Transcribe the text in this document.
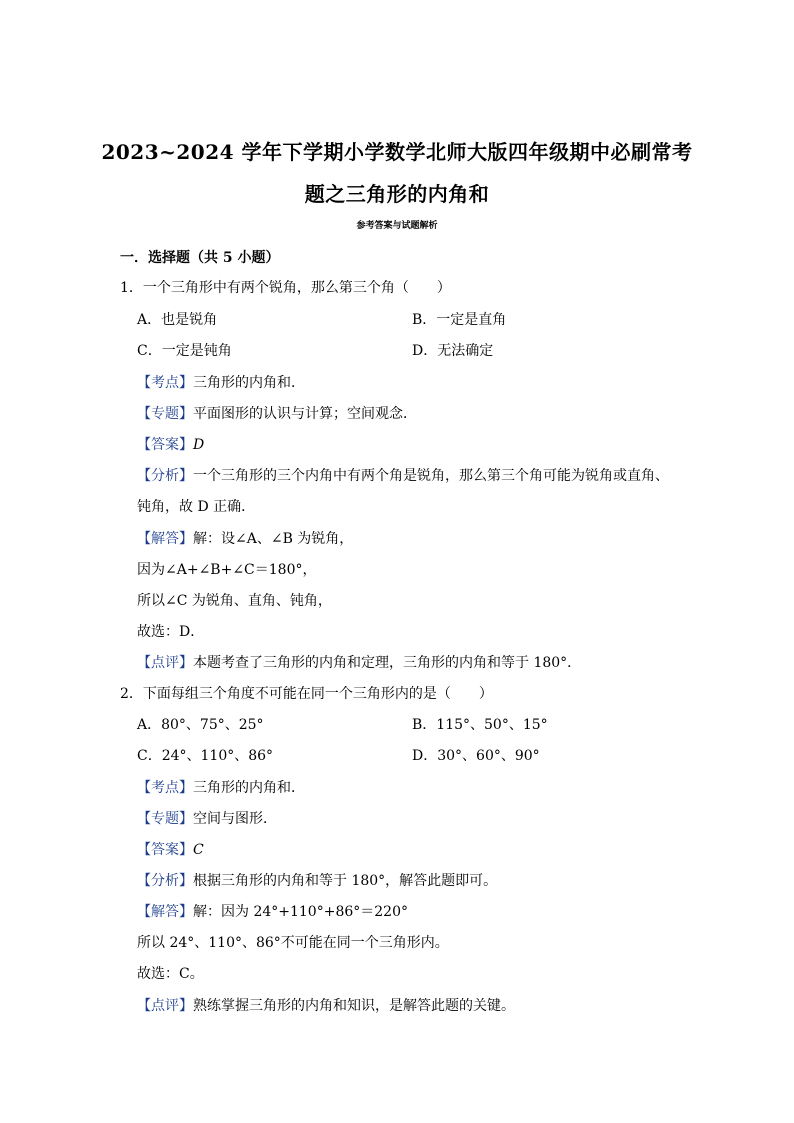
2023~2024 学年下学期小学数学北师大版四年级期中必刷常考
题之三角形的内角和
参考答案与试题解析
一．选择题（共 5 小题）
1．一个三角形中有两个锐角，那么第三个角（　　）
A．也是锐角	B．一定是直角
C．一定是钝角	D．无法确定
【考点】三角形的内角和．
【专题】平面图形的认识与计算；空间观念．
【答案】D
【分析】一个三角形的三个内角中有两个角是锐角，那么第三个角可能为锐角或直角、
钝角，故 D 正确．
【解答】解：设∠A、∠B 为锐角，
因为∠A+∠B+∠C＝180°，
所以∠C 为锐角、直角、钝角，
故选：D．
【点评】本题考查了三角形的内角和定理，三角形的内角和等于 180°．
2．下面每组三个角度不可能在同一个三角形内的是（　　）
A．80°、75°、25°	B．115°、50°、15°
C．24°、110°、86°	D．30°、60°、90°
【考点】三角形的内角和．
【专题】空间与图形．
【答案】C
【分析】根据三角形的内角和等于 180°，解答此题即可。
【解答】解：因为 24°+110°+86°＝220°
所以 24°、110°、86°不可能在同一个三角形内。
故选：C。
【点评】熟练掌握三角形的内角和知识，是解答此题的关键。
